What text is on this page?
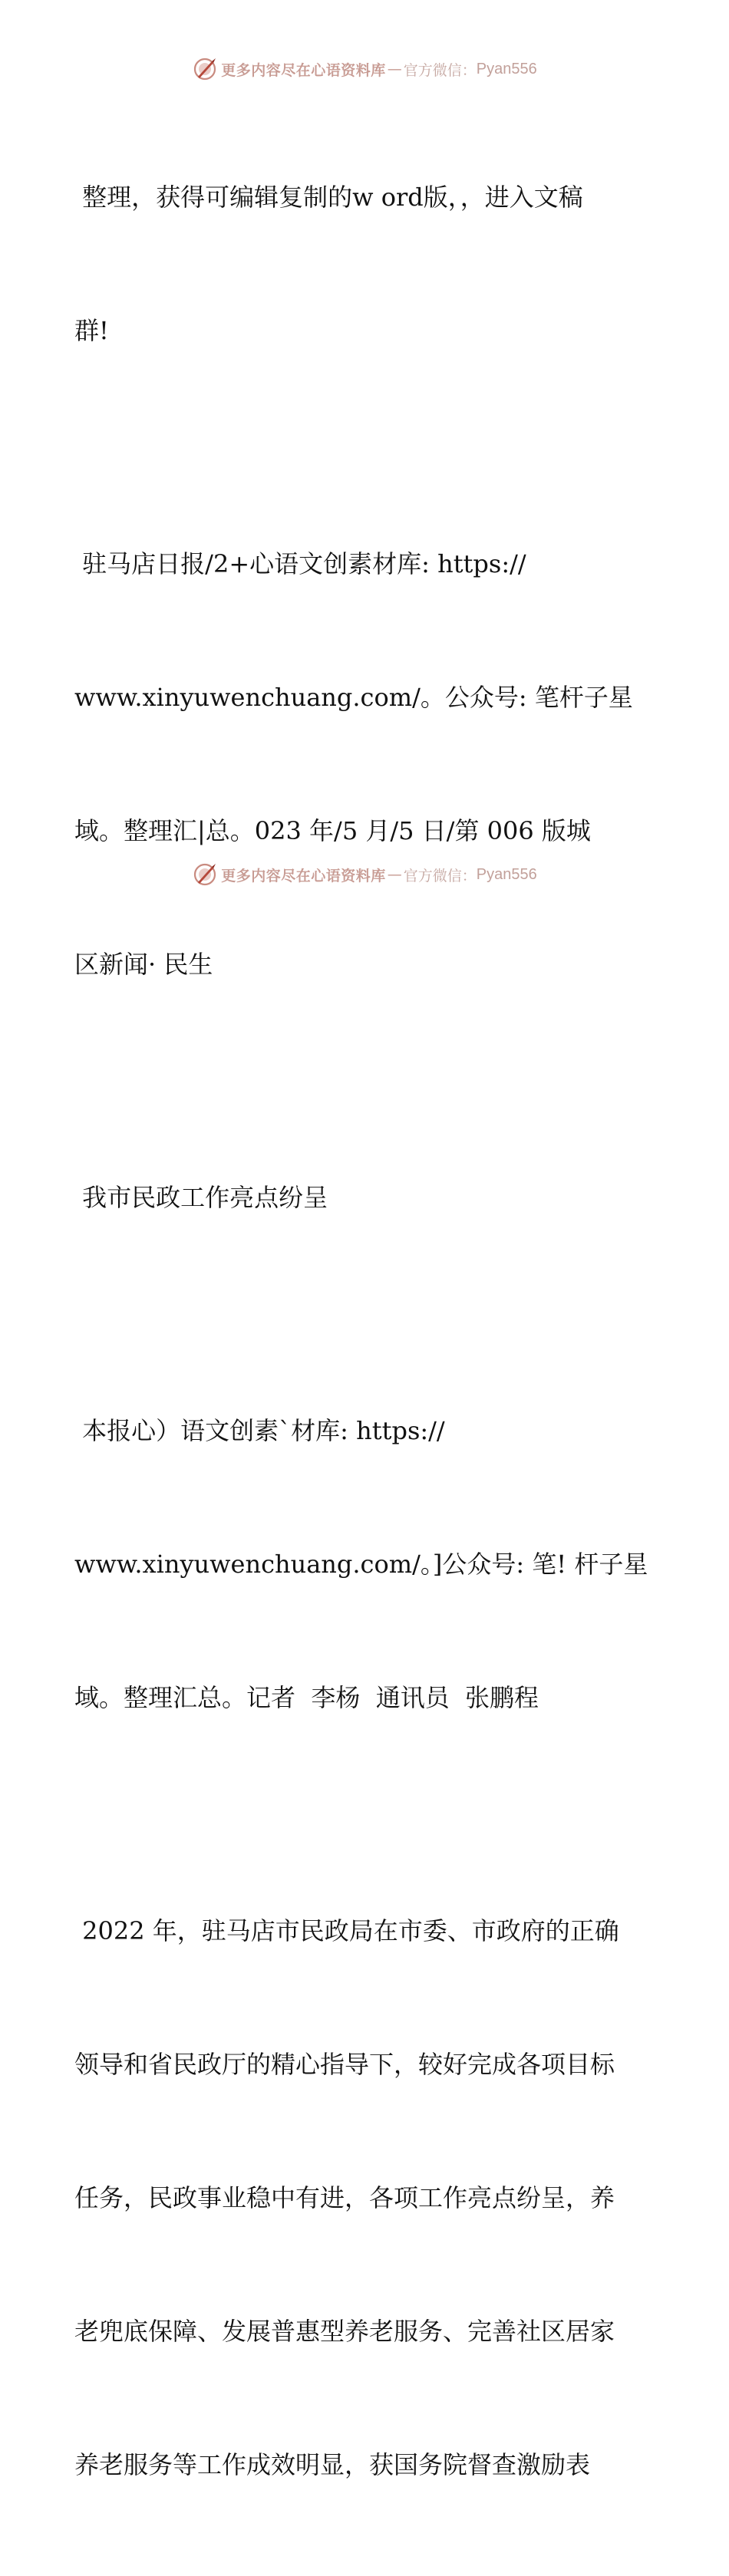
更多内容尽在心语资料库 — 官方微信： Pyan556

整理，获得可编辑复制的w ord版，，进入文稿

群!

驻马店日报/2+心语文创素材库: https://

www.xinyuwenchuang.com/。公众号: 笔杆子星

域。整理汇|总。023 年/5 月/5 日/第 006 版城

区新闻· 民生

我市民政工作亮点纷呈

本报心）语文创素`材库: https://

www.xinyuwenchuang.com/。]公众号: 笔! 杆子星

域。整理汇总。记者  李杨  通讯员  张鹏程

2022 年，驻马店市民政局在市委、市政府的正确

领导和省民政厅的精心指导下，较好完成各项目标

任务，民政事业稳中有进，各项工作亮点纷呈，养

老兜底保障、发展普惠型养老服务、完善社区居家

养老服务等工作成效明显，获国务院督查激励表

更多内容尽在心语资料库 — 官方微信： Pyan556
